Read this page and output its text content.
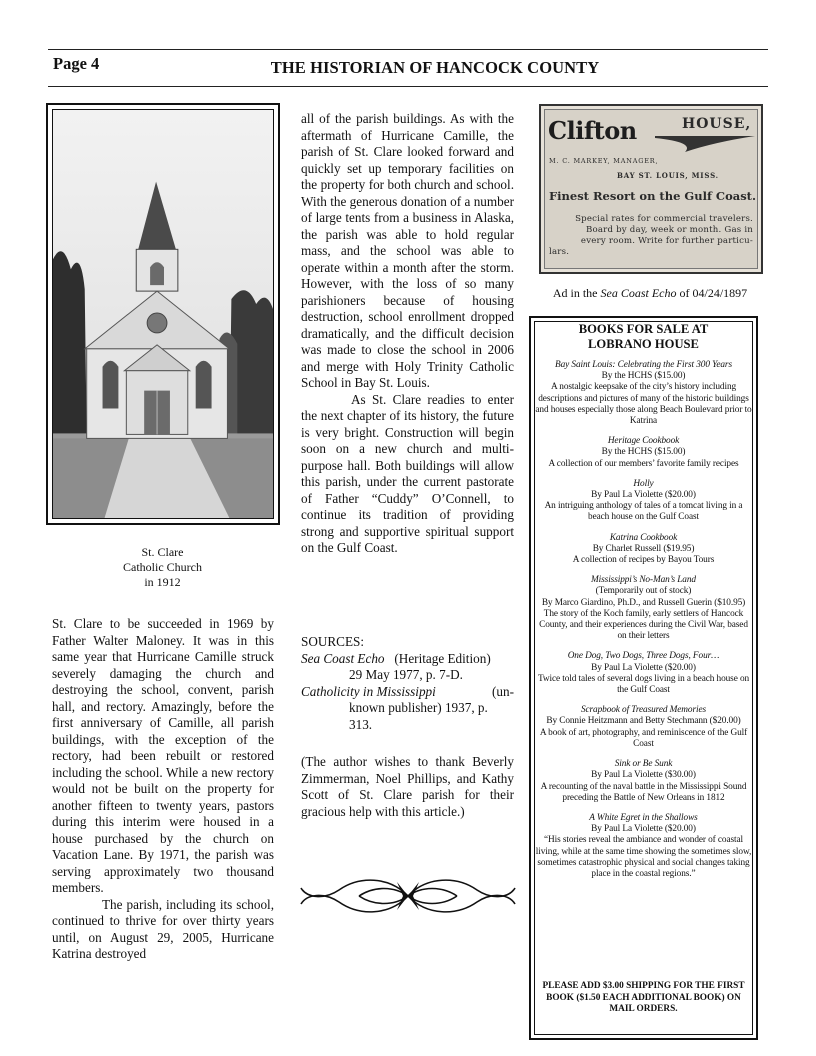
Page 4	THE HISTORIAN OF HANCOCK COUNTY
St. Clare
Catholic Church
in 1912

St. Clare to be succeeded in 1969 by Father Walter Maloney. It was in this same year that Hurricane Camille struck severely damaging the church and destroying the school, convent, parish hall, and rectory. Amazingly, before the first anniversary of Camille, all parish buildings, with the exception of the rectory, had been rebuilt or restored including the school. While a new rectory would not be built on the property for another fifteen to twenty years, pastors during this interim were housed in a house purchased by the church on Vacation Lane. By 1971, the parish was serving approximately two thousand members.

The parish, including its school, continued to thrive for over thirty years until, on August 29, 2005, Hurricane Katrina destroyed

all of the parish buildings. As with the aftermath of Hurricane Camille, the parish of St. Clare looked forward and quickly set up temporary facilities on the property for both church and school. With the generous donation of a number of large tents from a business in Alaska, the parish was able to hold regular mass, and the school was able to operate within a month after the storm. However, with the loss of so many parishioners because of housing destruction, school enrollment dropped dramatically, and the difficult decision was made to close the school in 2006 and merge with Holy Trinity Catholic School in Bay St. Louis.

As St. Clare readies to enter the next chapter of its history, the future is very bright. Construction will begin soon on a new church and multi-purpose hall. Both buildings will allow this parish, under the current pastorate of Father “Cuddy” O’Connell, to continue its tradition of providing strong and supportive spiritual support on the Gulf Coast.

SOURCES:
Sea Coast Echo (Heritage Edition)
29 May 1977, p. 7-D.
Catholicity in Mississippi	(un-
known publisher) 1937, p.
313.
(The author wishes to thank Beverly Zimmerman, Noel Phillips, and Kathy Scott of St. Clare parish for their gracious help with this article.)
Clifton	HOUSE,
M. C. MARKEY, MANAGER,
BAY ST. LOUIS, MISS.
Finest Resort on the Gulf Coast.
Special rates for commercial travelers.
Board by day, week or month. Gas in
every room. Write for further particu-
lars.
Ad in the Sea Coast Echo of 04/24/1897
BOOKS FOR SALE AT
LOBRANO HOUSE
Bay Saint Louis: Celebrating the First 300 Years
By the HCHS ($15.00)
A nostalgic keepsake of the city’s history including descriptions and pictures of many of the historic buildings and houses especially those along Beach Boulevard prior to Katrina
Heritage Cookbook
By the HCHS ($15.00)
A collection of our members’ favorite family recipes
Holly
By Paul La Violette ($20.00)
An intriguing anthology of tales of a tomcat living in a beach house on the Gulf Coast
Katrina Cookbook
By Charlet Russell ($19.95)
A collection of recipes by Bayou Tours
Mississippi’s No-Man’s Land
(Temporarily out of stock)
By Marco Giardino, Ph.D., and Russell Guerin ($10.95)
The story of the Koch family, early settlers of Hancock County, and their experiences during the Civil War, based on their letters
One Dog, Two Dogs, Three Dogs, Four…
By Paul La Violette ($20.00)
Twice told tales of several dogs living in a beach house on the Gulf Coast
Scrapbook of Treasured Memories
By Connie Heitzmann and Betty Stechmann ($20.00)
A book of art, photography, and reminiscence of the Gulf Coast
Sink or Be Sunk
By Paul La Violette ($30.00)
A recounting of the naval battle in the Mississippi Sound preceding the Battle of New Orleans in 1812
A White Egret in the Shallows
By Paul La Violette ($20.00)
“His stories reveal the ambiance and wonder of coastal living, while at the same time showing the sometimes slow, sometimes catastrophic physical and social changes taking place in the coastal regions.”
PLEASE ADD $3.00 SHIPPING FOR THE FIRST BOOK ($1.50 EACH ADDITIONAL BOOK) ON MAIL ORDERS.
